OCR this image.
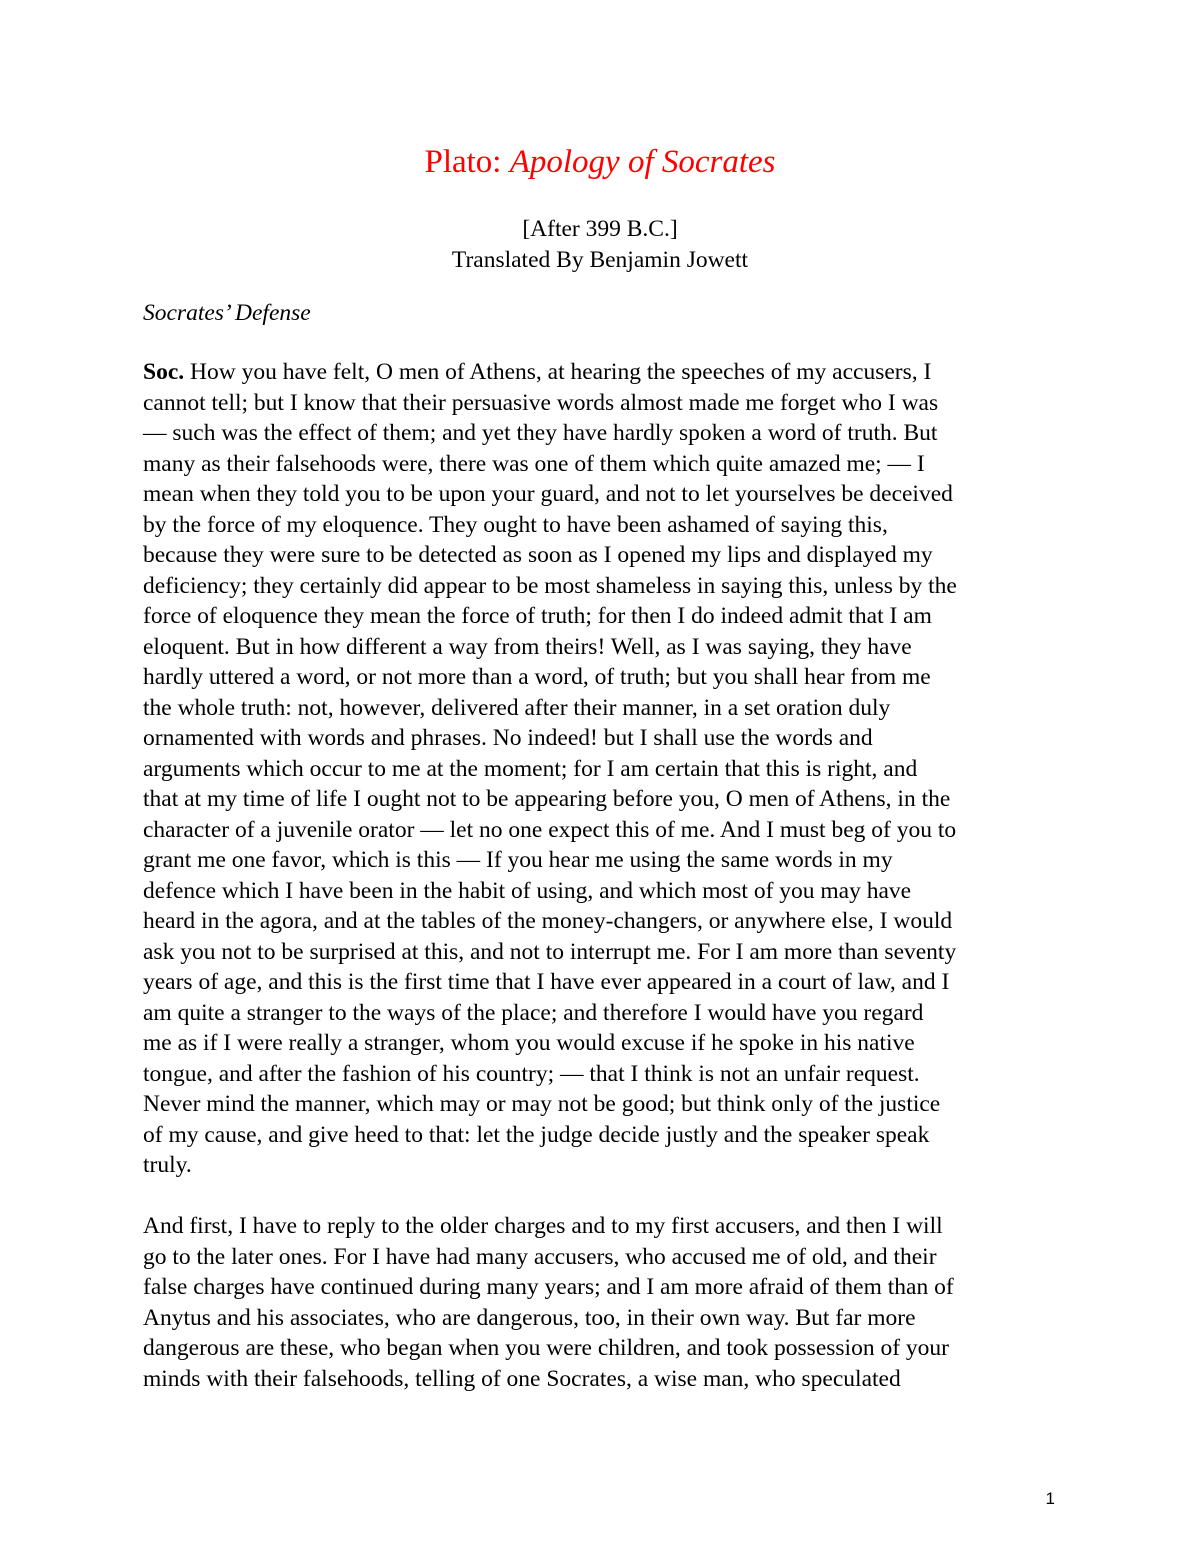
Plato: Apology of Socrates
[After 399 B.C.]
Translated By Benjamin Jowett
Socrates’ Defense
Soc. How you have felt, O men of Athens, at hearing the speeches of my accusers, I
cannot tell; but I know that their persuasive words almost made me forget who I was
— such was the effect of them; and yet they have hardly spoken a word of truth. But
many as their falsehoods were, there was one of them which quite amazed me; — I
mean when they told you to be upon your guard, and not to let yourselves be deceived
by the force of my eloquence. They ought to have been ashamed of saying this,
because they were sure to be detected as soon as I opened my lips and displayed my
deficiency; they certainly did appear to be most shameless in saying this, unless by the
force of eloquence they mean the force of truth; for then I do indeed admit that I am
eloquent. But in how different a way from theirs! Well, as I was saying, they have
hardly uttered a word, or not more than a word, of truth; but you shall hear from me
the whole truth: not, however, delivered after their manner, in a set oration duly
ornamented with words and phrases. No indeed! but I shall use the words and
arguments which occur to me at the moment; for I am certain that this is right, and
that at my time of life I ought not to be appearing before you, O men of Athens, in the
character of a juvenile orator — let no one expect this of me. And I must beg of you to
grant me one favor, which is this — If you hear me using the same words in my
defence which I have been in the habit of using, and which most of you may have
heard in the agora, and at the tables of the money-changers, or anywhere else, I would
ask you not to be surprised at this, and not to interrupt me. For I am more than seventy
years of age, and this is the first time that I have ever appeared in a court of law, and I
am quite a stranger to the ways of the place; and therefore I would have you regard
me as if I were really a stranger, whom you would excuse if he spoke in his native
tongue, and after the fashion of his country; — that I think is not an unfair request.
Never mind the manner, which may or may not be good; but think only of the justice
of my cause, and give heed to that: let the judge decide justly and the speaker speak
truly.
And first, I have to reply to the older charges and to my first accusers, and then I will
go to the later ones. For I have had many accusers, who accused me of old, and their
false charges have continued during many years; and I am more afraid of them than of
Anytus and his associates, who are dangerous, too, in their own way. But far more
dangerous are these, who began when you were children, and took possession of your
minds with their falsehoods, telling of one Socrates, a wise man, who speculated
1
